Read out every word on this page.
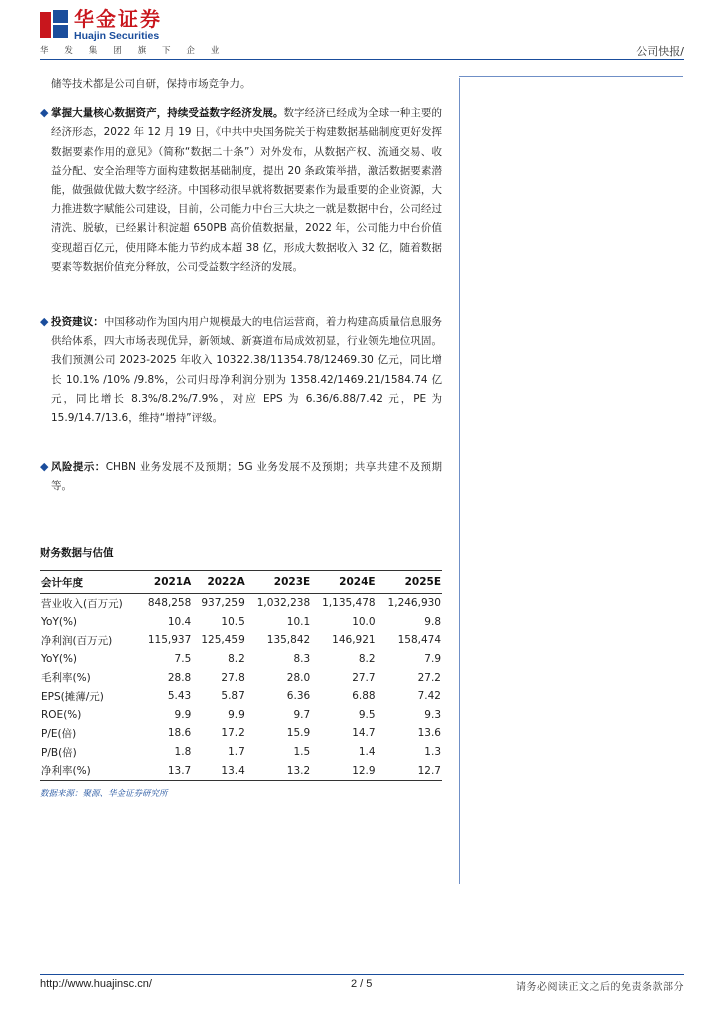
华金证券
Huajin Securities
华 发 集 团 旗 下 企 业	公司快报/

储等技术都是公司自研，保持市场竞争力。

◆ 掌握大量核心数据资产，持续受益数字经济发展。数字经济已经成为全球一种主要的经济形态，2022 年 12 月 19 日，《中共中央国务院关于构建数据基础制度更好发挥数据要素作用的意见》（简称“数据二十条”）对外发布，从数据产权、流通交易、收益分配、安全治理等方面构建数据基础制度，提出 20 条政策举措，激活数据要素潜能，做强做优做大数字经济。中国移动很早就将数据要素作为最重要的企业资源，大力推进数字赋能公司建设，目前，公司能力中台三大块之一就是数据中台，公司经过清洗、脱敏，已经累计积淀超 650PB 高价值数据量，2022 年，公司能力中台价值变现超百亿元，使用降本能力节约成本超 38 亿，形成大数据收入 32 亿，随着数据要素等数据价值充分释放，公司受益数字经济的发展。

◆ 投资建议：中国移动作为国内用户规模最大的电信运营商，着力构建高质量信息服务供给体系，四大市场表现优异，新领域、新赛道布局成效初显，行业领先地位巩固。我们预测公司 2023-2025 年收入 10322.38/11354.78/12469.30 亿元，同比增长 10.1% /10% /9.8%，公司归母净利润分别为 1358.42/1469.21/1584.74 亿元，同比增长 8.3%/8.2%/7.9%，对应 EPS 为 6.36/6.88/7.42 元，PE 为 15.9/14.7/13.6，维持“增持”评级。

◆ 风险提示：CHBN 业务发展不及预期；5G 业务发展不及预期；共享共建不及预期等。

财务数据与估值
会计年度	2021A	2022A	2023E	2024E	2025E
营业收入(百万元)	848,258	937,259	1,032,238	1,135,478	1,246,930
YoY(%)	10.4	10.5	10.1	10.0	9.8
净利润(百万元)	115,937	125,459	135,842	146,921	158,474
YoY(%)	7.5	8.2	8.3	8.2	7.9
毛利率(%)	28.8	27.8	28.0	27.7	27.2
EPS(摊薄/元)	5.43	5.87	6.36	6.88	7.42
ROE(%)	9.9	9.9	9.7	9.5	9.3
P/E(倍)	18.6	17.2	15.9	14.7	13.6
P/B(倍)	1.8	1.7	1.5	1.4	1.3
净利率(%)	13.7	13.4	13.2	12.9	12.7
数据来源：聚源、华金证券研究所
http://www.huajinsc.cn/	2 / 5	请务必阅读正文之后的免责条款部分
